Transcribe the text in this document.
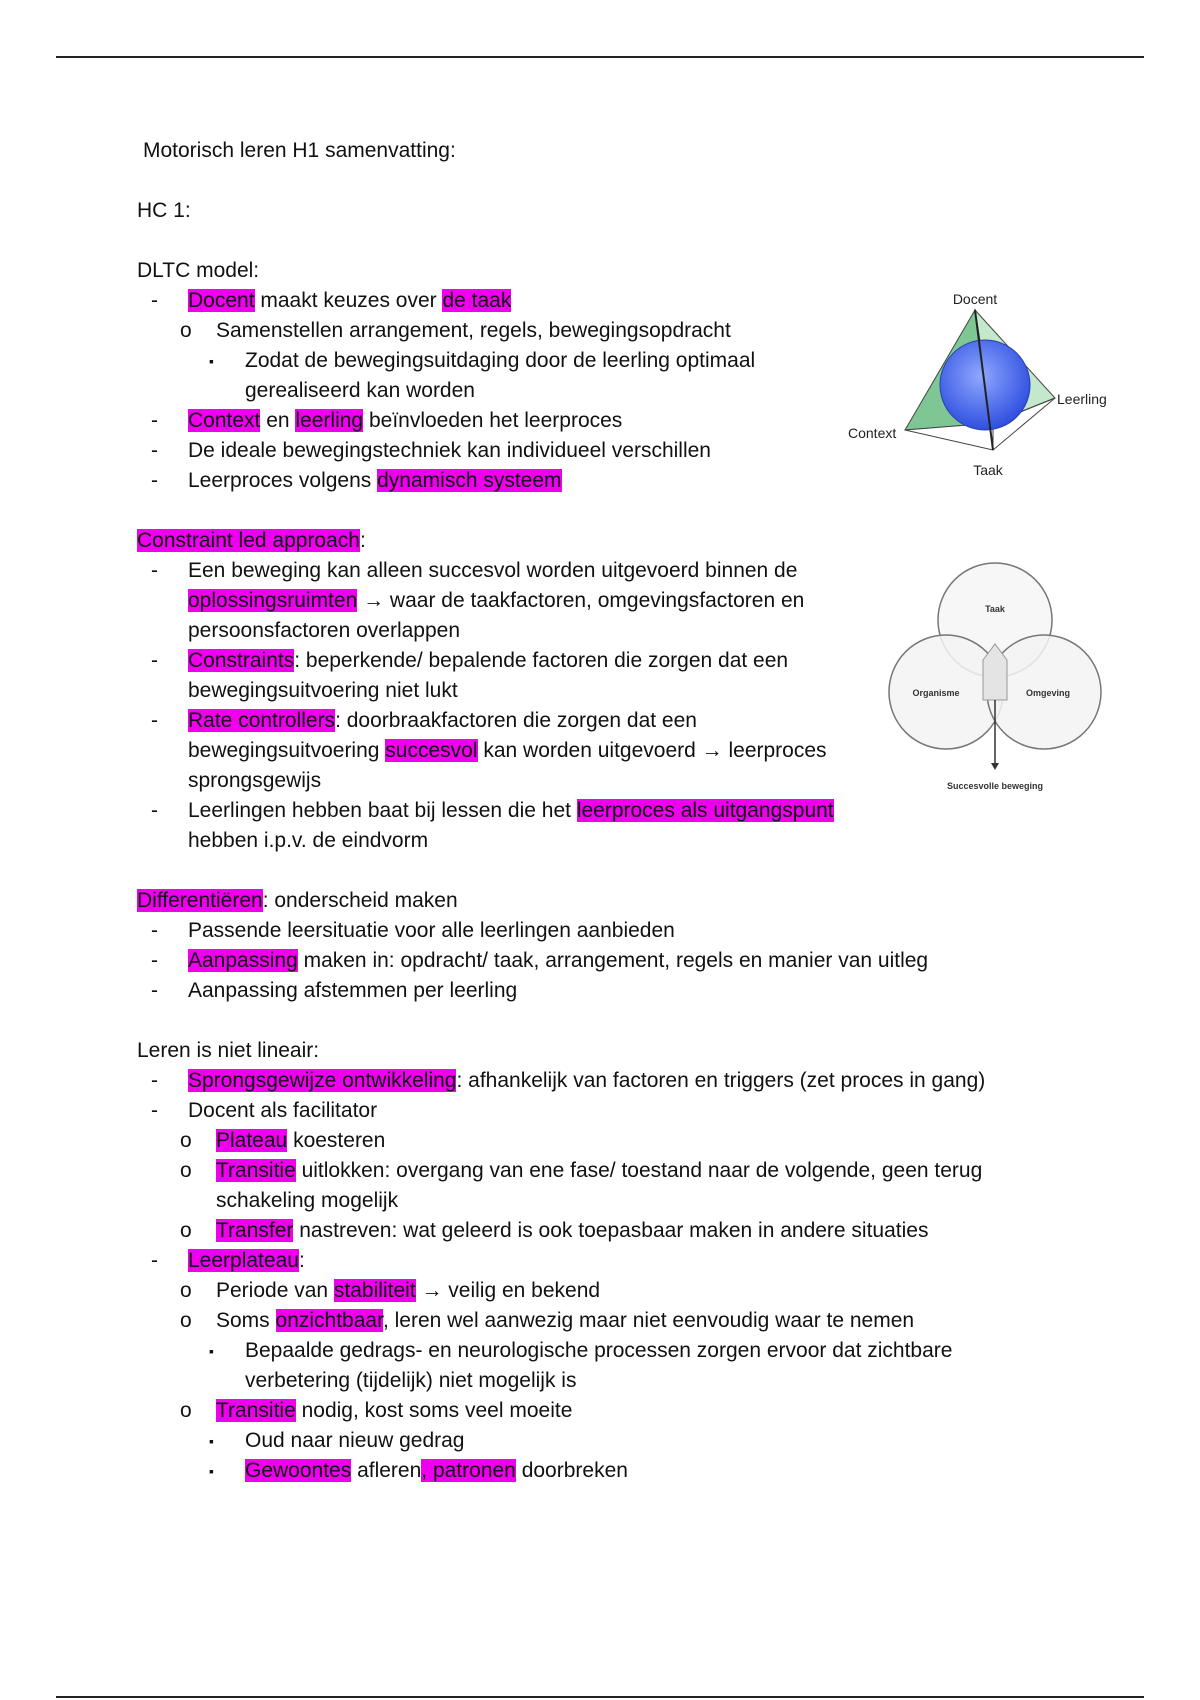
Motorisch leren H1 samenvatting:
HC 1:
DLTC model:
- Docent maakt keuzes over de taak
o Samenstellen arrangement, regels, bewegingsopdracht
▪ Zodat de bewegingsuitdaging door de leerling optimaal
gerealiseerd kan worden
- Context en leerling beïnvloeden het leerproces
- De ideale bewegingstechniek kan individueel verschillen
- Leerproces volgens dynamisch systeem
Constraint led approach:
- Een beweging kan alleen succesvol worden uitgevoerd binnen de
oplossingsruimten → waar de taakfactoren, omgevingsfactoren en
persoonsfactoren overlappen
- Constraints: beperkende/ bepalende factoren die zorgen dat een
bewegingsuitvoering niet lukt
- Rate controllers: doorbraakfactoren die zorgen dat een
bewegingsuitvoering succesvol kan worden uitgevoerd → leerproces
sprongsgewijs
- Leerlingen hebben baat bij lessen die het leerproces als uitgangspunt
hebben i.p.v. de eindvorm
Differentiëren: onderscheid maken
- Passende leersituatie voor alle leerlingen aanbieden
- Aanpassing maken in: opdracht/ taak, arrangement, regels en manier van uitleg
- Aanpassing afstemmen per leerling
Leren is niet lineair:
- Sprongsgewijze ontwikkeling: afhankelijk van factoren en triggers (zet proces in gang)
- Docent als facilitator
o Plateau koesteren
o Transitie uitlokken: overgang van ene fase/ toestand naar de volgende, geen terug
schakeling mogelijk
o Transfer nastreven: wat geleerd is ook toepasbaar maken in andere situaties
- Leerplateau:
o Periode van stabiliteit → veilig en bekend
o Soms onzichtbaar, leren wel aanwezig maar niet eenvoudig waar te nemen
▪ Bepaalde gedrags- en neurologische processen zorgen ervoor dat zichtbare
verbetering (tijdelijk) niet mogelijk is
o Transitie nodig, kost soms veel moeite
▪ Oud naar nieuw gedrag
▪ Gewoontes afleren, patronen doorbreken
Docent
Leerling
Context
Taak
Taak
Organisme	Omgeving
Succesvolle beweging
